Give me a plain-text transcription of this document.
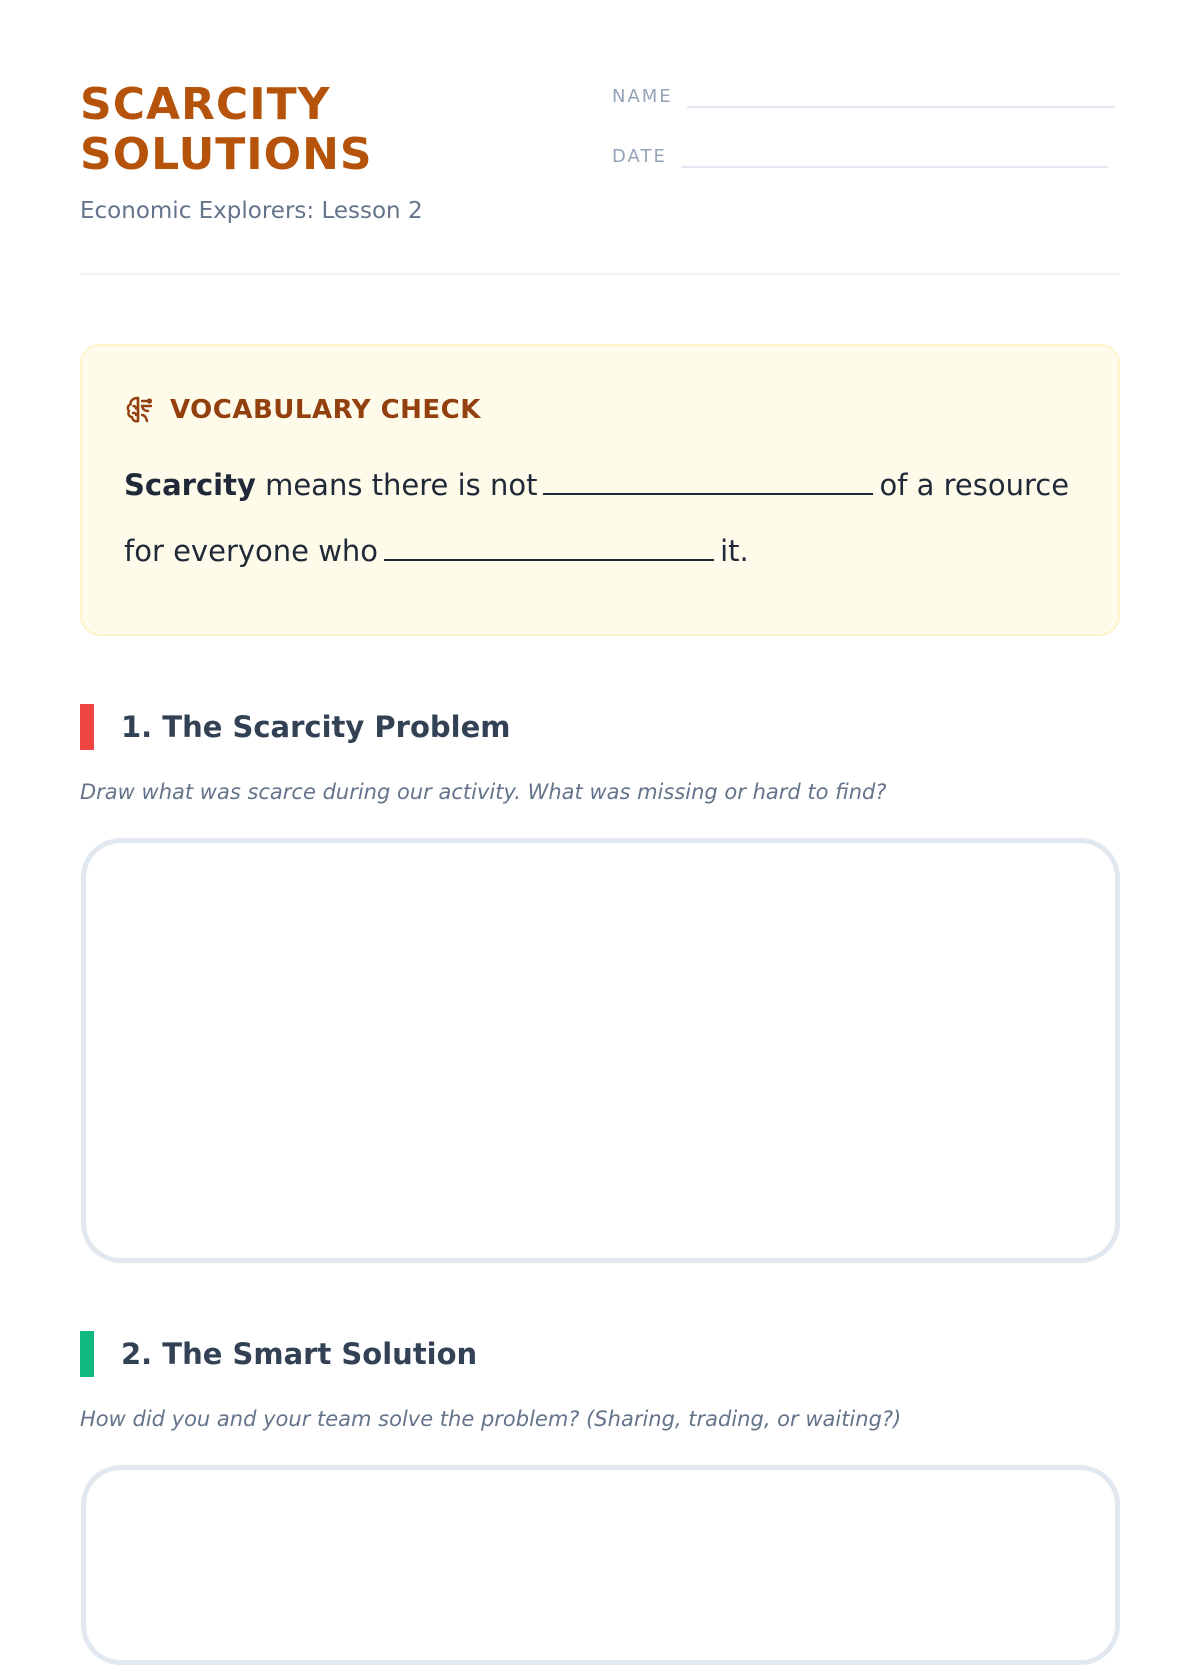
SCARCITY
SOLUTIONS

Economic Explorers: Lesson 2

NAME
DATE
VOCABULARY CHECK

Scarcity means there is not	of a resource
for everyone who	it.

1. The Scarcity Problem

Draw what was scarce during our activity. What was missing or hard to find?

2. The Smart Solution

How did you and your team solve the problem? (Sharing, trading, or waiting?)
